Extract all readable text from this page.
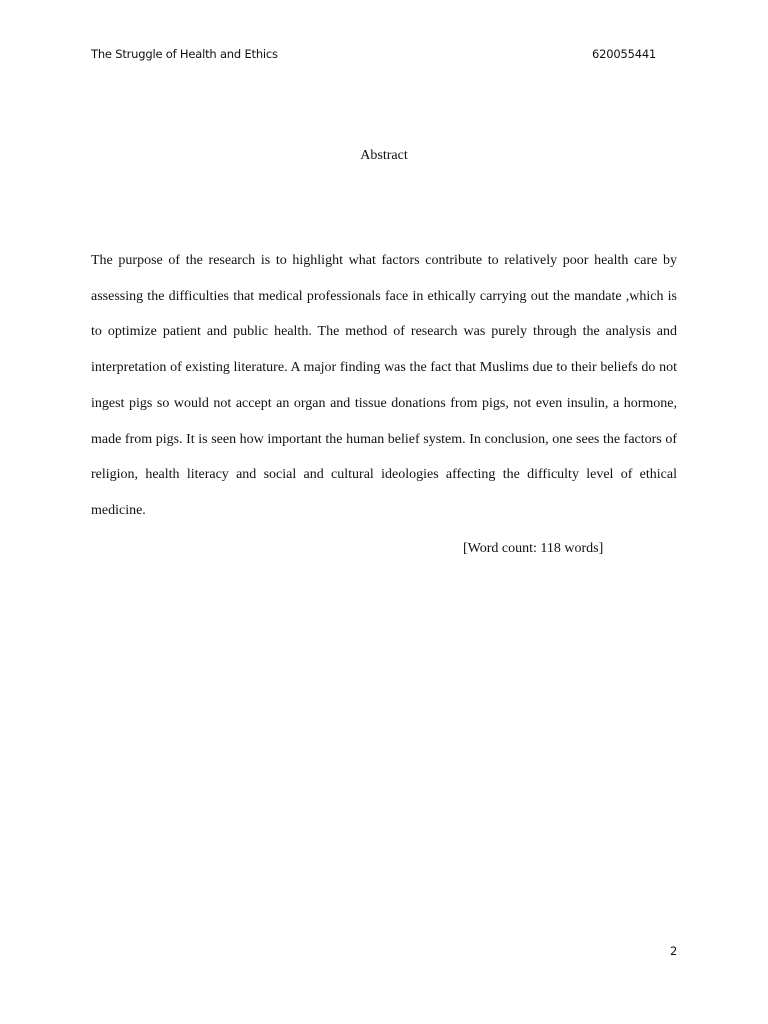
The Struggle of Health and Ethics	620055441
Abstract

The purpose of the research is to highlight what factors contribute to relatively poor health care by assessing the difficulties that medical professionals face in ethically carrying out the mandate ,which is to optimize patient and public health. The method of research was purely through the analysis and interpretation of existing literature. A major finding was the fact that Muslims due to their beliefs do not ingest pigs so would not accept an organ and tissue donations from pigs, not even insulin, a hormone, made from pigs. It is seen how important the human belief system. In conclusion, one sees the factors of religion, health literacy and social and cultural ideologies affecting the difficulty level of ethical medicine.

[Word count: 118 words]
2
